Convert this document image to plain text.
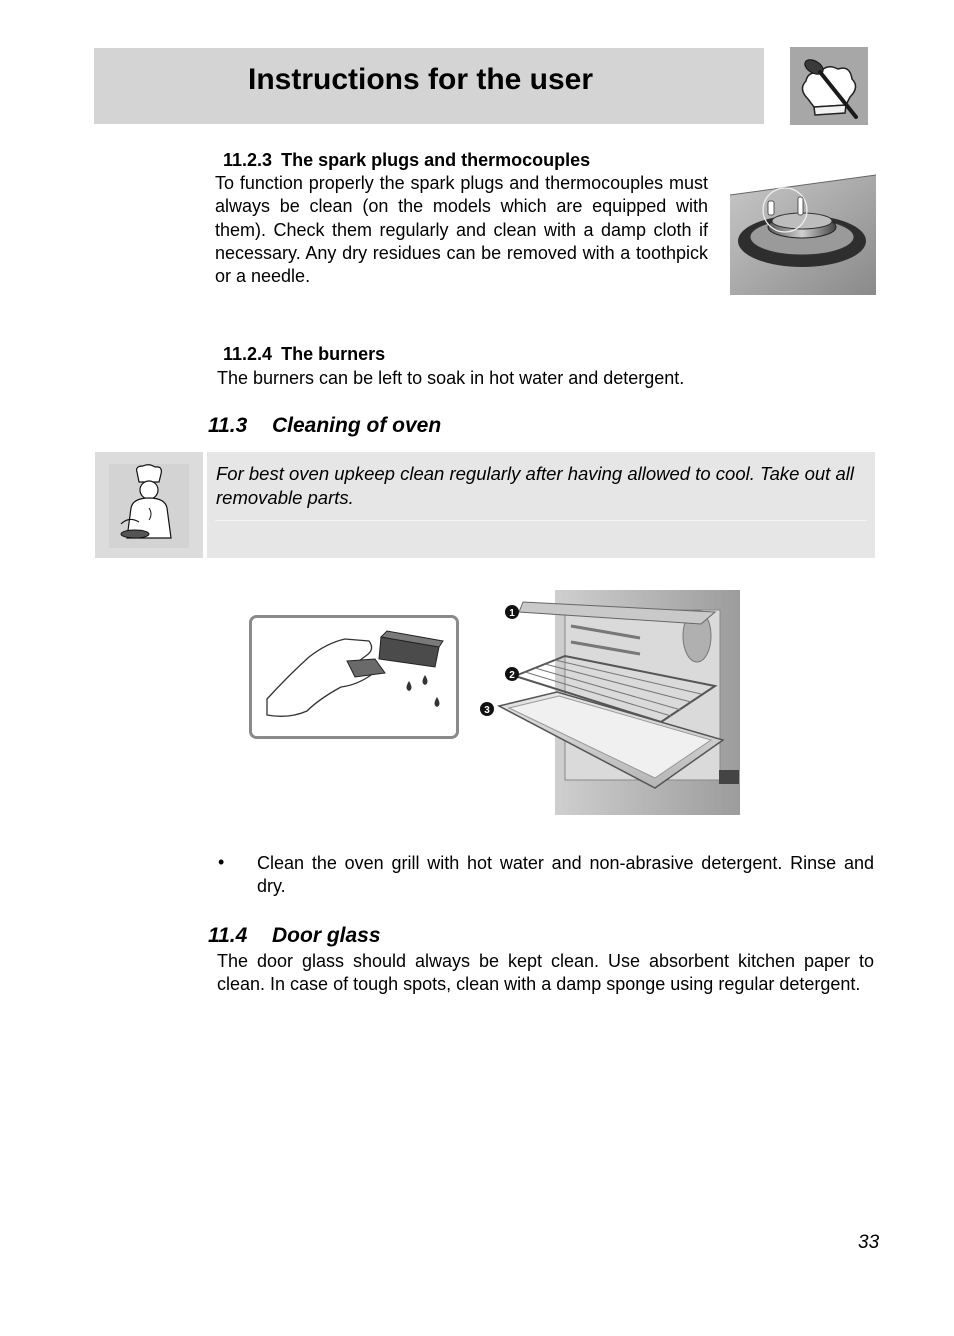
Instructions for the user
11.2.3 The spark plugs and thermocouples
To function properly the spark plugs and thermocouples must always be clean (on the models which are equipped with them). Check them regularly and clean with a damp cloth if necessary. Any dry residues can be removed with a toothpick or a needle.
11.2.4 The burners
The burners can be left to soak in hot water and detergent.
11.3 Cleaning of oven
For best oven upkeep clean regularly after having allowed to cool. Take out all removable parts.
1
2
3
• Clean the oven grill with hot water and non-abrasive detergent. Rinse and dry.
11.4 Door glass
The door glass should always be kept clean. Use absorbent kitchen paper to clean. In case of tough spots, clean with a damp sponge using regular detergent.
33
